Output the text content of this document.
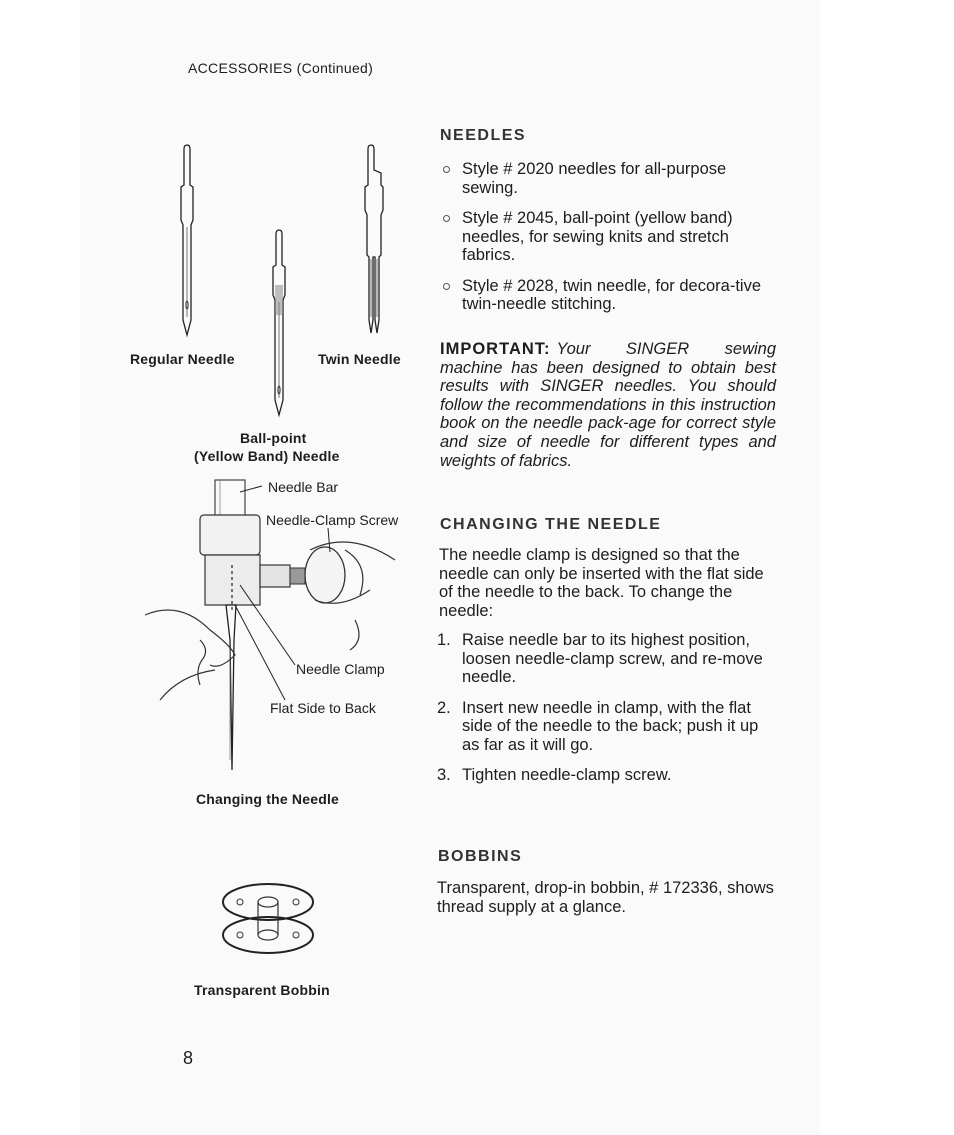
ACCESSORIES (Continued)
Regular Needle	Twin Needle
Ball-point
(Yellow Band) Needle
Needle Bar
Needle-Clamp Screw
Needle Clamp
Flat Side to Back
Changing the Needle
Transparent Bobbin
NEEDLES
Style # 2020 needles for all-purpose sewing.
Style # 2045, ball-point (yellow band) needles, for sewing knits and stretch fabrics.
Style # 2028, twin needle, for decora-tive twin-needle stitching.
IMPORTANT: Your SINGER sewing machine has been designed to obtain best results with SINGER needles. You should follow the recommendations in this instruction book on the needle pack-age for correct style and size of needle for different types and weights of fabrics.
CHANGING THE NEEDLE
The needle clamp is designed so that the needle can only be inserted with the flat side of the needle to the back. To change the needle:
1. Raise needle bar to its highest position, loosen needle-clamp screw, and re-move needle.
2. Insert new needle in clamp, with the flat side of the needle to the back; push it up as far as it will go.
3. Tighten needle-clamp screw.
BOBBINS
Transparent, drop-in bobbin, # 172336, shows thread supply at a glance.
8
